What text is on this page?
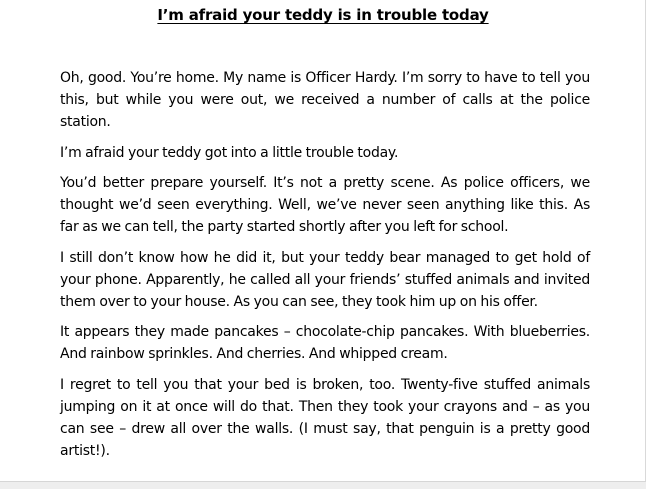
I’m afraid your teddy is in trouble today

Oh, good. You’re home. My name is Officer Hardy. I’m sorry to have to tell you this, but while you were out, we received a number of calls at the police station.

I’m afraid your teddy got into a little trouble today.

You’d better prepare yourself. It’s not a pretty scene. As police officers, we thought we’d seen everything. Well, we’ve never seen anything like this. As far as we can tell, the party started shortly after you left for school.

I still don’t know how he did it, but your teddy bear managed to get hold of your phone. Apparently, he called all your friends’ stuffed animals and invited them over to your house. As you can see, they took him up on his offer.

It appears they made pancakes – chocolate-chip pancakes. With blueberries. And rainbow sprinkles. And cherries. And whipped cream.

I regret to tell you that your bed is broken, too. Twenty-five stuffed animals jumping on it at once will do that. Then they took your crayons and – as you can see – drew all over the walls. (I must say, that penguin is a pretty good artist!).
